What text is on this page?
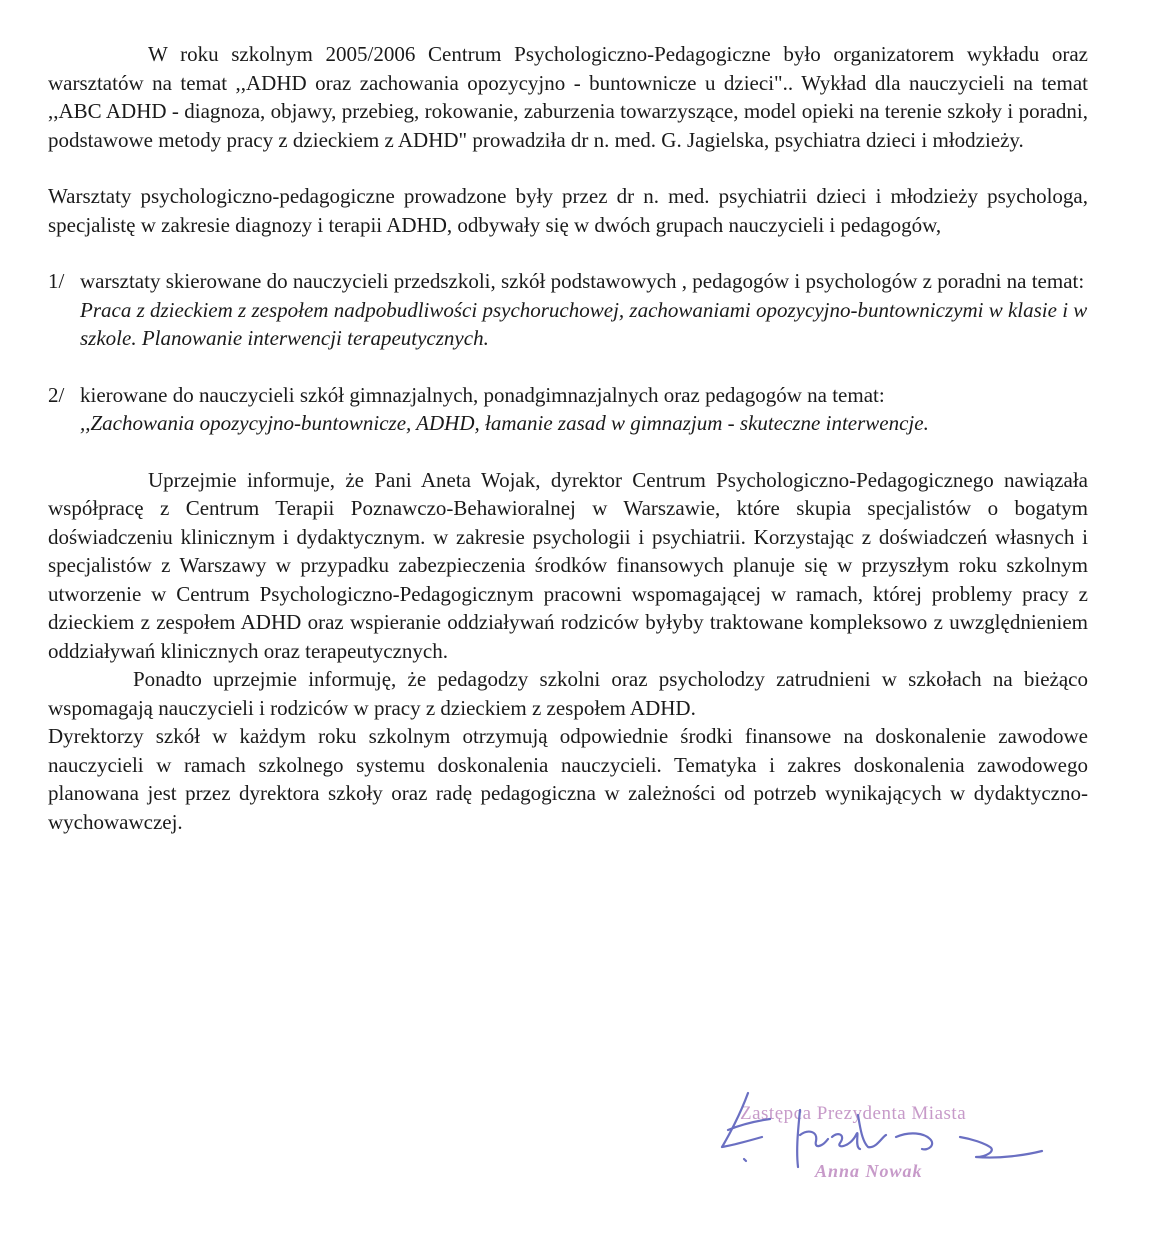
W roku szkolnym 2005/2006 Centrum Psychologiczno-Pedagogiczne było organizatorem wykładu oraz warsztatów na temat ,,ADHD oraz zachowania opozycyjno - buntownicze u dzieci".. Wykład dla nauczycieli na temat ,,ABC ADHD - diagnoza, objawy, przebieg, rokowanie, zaburzenia towarzyszące, model opieki na terenie szkoły i poradni, podstawowe metody pracy z dzieckiem z ADHD" prowadziła dr n. med. G. Jagielska, psychiatra dzieci i młodzieży.

Warsztaty psychologiczno-pedagogiczne prowadzone były przez dr n. med. psychiatrii dzieci i młodzieży psychologa, specjalistę w zakresie diagnozy i terapii ADHD, odbywały się w dwóch grupach nauczycieli i pedagogów,

1/ warsztaty skierowane do nauczycieli przedszkoli, szkół podstawowych , pedagogów i psychologów z poradni na temat: Praca z dzieckiem z zespołem nadpobudliwości psychoruchowej, zachowaniami opozycyjno-buntowniczymi w klasie i w szkole. Planowanie interwencji terapeutycznych.
2/ kierowane do nauczycieli szkół gimnazjalnych, ponadgimnazjalnych oraz pedagogów na temat:
,,Zachowania opozycyjno-buntownicze, ADHD, łamanie zasad w gimnazjum - skuteczne interwencje.

Uprzejmie informuje, że Pani Aneta Wojak, dyrektor Centrum Psychologiczno-Pedagogicznego nawiązała współpracę z Centrum Terapii Poznawczo-Behawioralnej w Warszawie, które skupia specjalistów o bogatym doświadczeniu klinicznym i dydaktycznym. w zakresie psychologii i psychiatrii. Korzystając z doświadczeń własnych i specjalistów z Warszawy w przypadku zabezpieczenia środków finansowych planuje się w przyszłym roku szkolnym utworzenie w Centrum Psychologiczno-Pedagogicznym pracowni wspomagającej w ramach, której problemy pracy z dzieckiem z zespołem ADHD oraz wspieranie oddziaływań rodziców byłyby traktowane kompleksowo z uwzględnieniem oddziaływań klinicznych oraz terapeutycznych.

Ponadto uprzejmie informuję, że pedagodzy szkolni oraz psycholodzy zatrudnieni w szkołach na bieżąco wspomagają nauczycieli i rodziców w pracy z dzieckiem z zespołem ADHD.

Dyrektorzy szkół w każdym roku szkolnym otrzymują odpowiednie środki finansowe na doskonalenie zawodowe nauczycieli w ramach szkolnego systemu doskonalenia nauczycieli. Tematyka i zakres doskonalenia zawodowego planowana jest przez dyrektora szkoły oraz radę pedagogiczna w zależności od potrzeb wynikających w dydaktyczno-wychowawczej.

Zastępca Prezydenta Miasta
Anna Nowak
